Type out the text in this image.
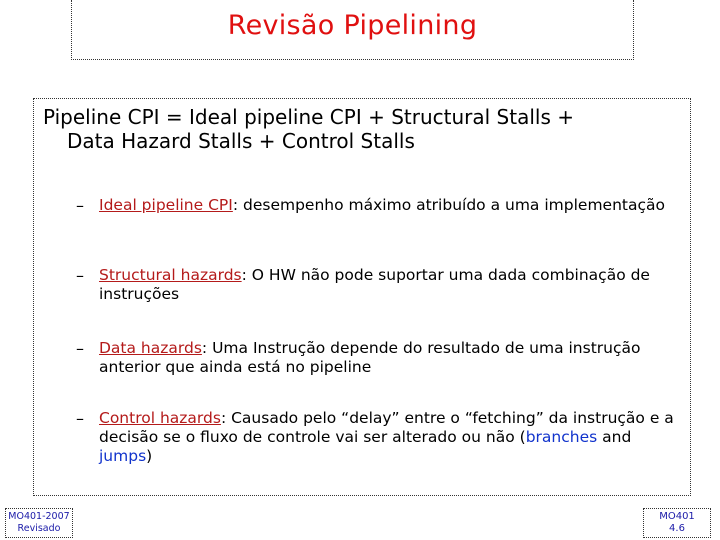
Revisão Pipelining

Pipeline CPI = Ideal pipeline CPI + Structural Stalls +
Data Hazard Stalls + Control Stalls

– Ideal pipeline CPI: desempenho máximo atribuído a uma implementação
– Structural hazards: O HW não pode suportar uma dada combinação de instruções
– Data hazards: Uma Instrução depende do resultado de uma instrução anterior que ainda está no pipeline
– Control hazards: Causado pelo “delay” entre o “fetching” da instrução e a decisão se o fluxo de controle vai ser alterado ou não (branches and jumps)
MO401-2007
Revisado
MO401
4.6
